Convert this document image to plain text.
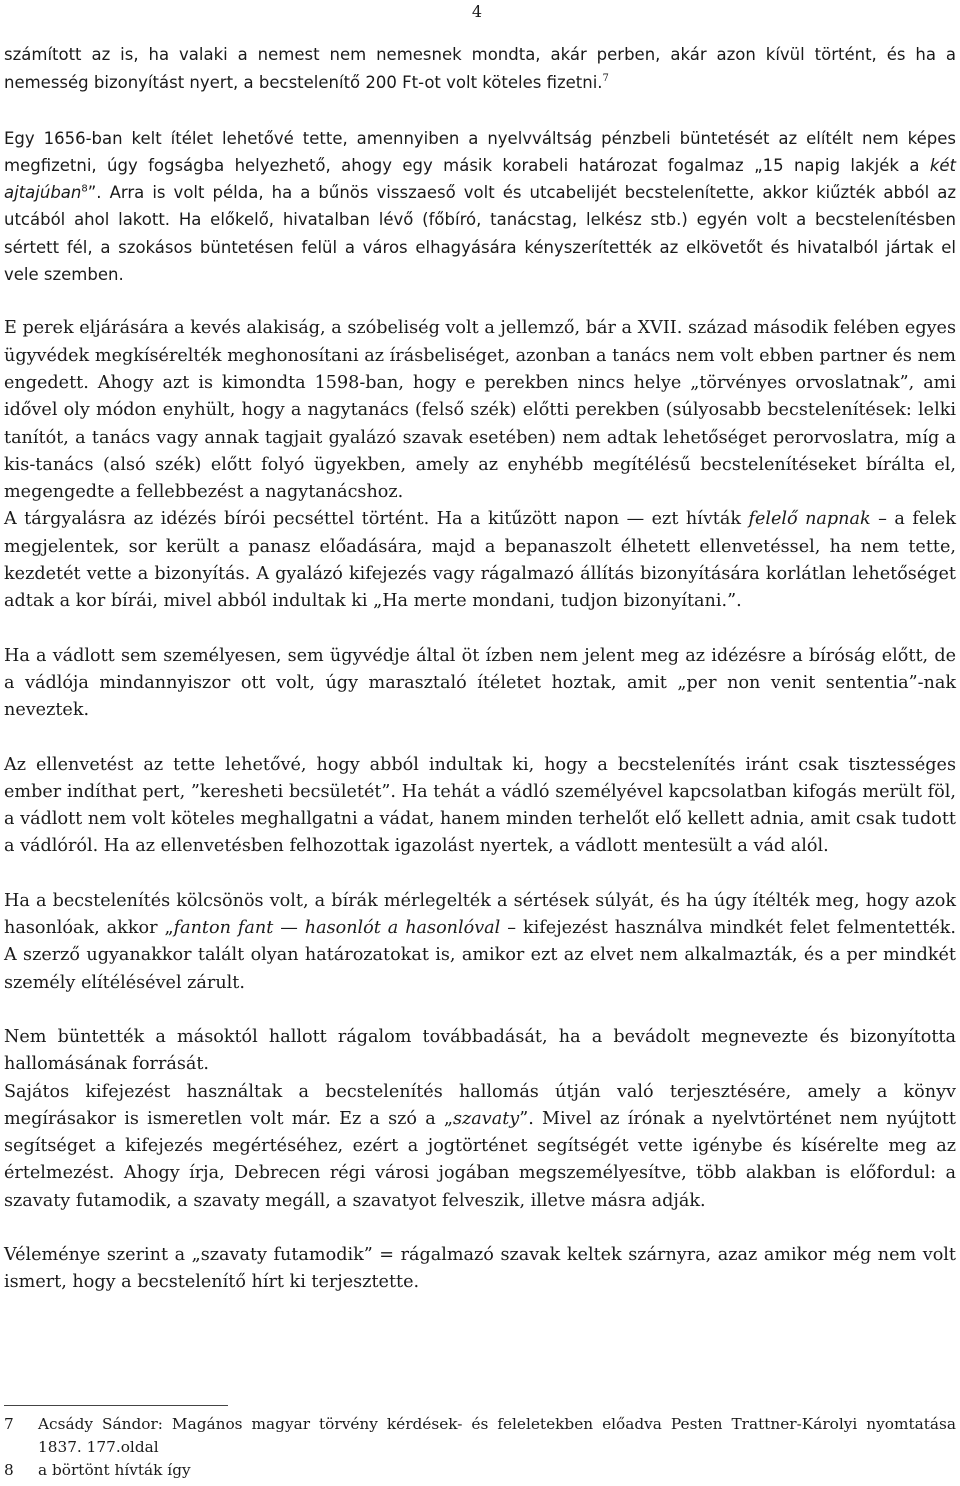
4

számított az is, ha valaki a nemest nem nemesnek mondta, akár perben, akár azon kívül történt, és ha a nemesség bizonyítást nyert, a becstelenítő 200 Ft-ot volt köteles fizetni.$^7$

Egy 1656-ban kelt ítélet lehetővé tette, amennyiben a nyelvváltság pénzbeli büntetését az elítélt nem képes megfizetni, úgy fogságba helyezhető, ahogy egy másik korabeli határozat fogalmaz „15 napig lakjék a két ajtajúban$^8$”. Arra is volt példa, ha a bűnös visszaeső volt és utcabelijét becstelenítette, akkor kiűzték abból az utcából ahol lakott. Ha előkelő, hivatalban lévő (főbíró, tanácstag, lelkész stb.) egyén volt a becstelenítésben sértett fél, a szokásos büntetésen felül a város elhagyására kényszerítették az elkövetőt és hivatalból jártak el vele szemben.

E perek eljárására a kevés alakiság, a szóbeliség volt a jellemző, bár a XVII. század második felében egyes ügyvédek megkísérelték meghonosítani az írásbeliséget, azonban a tanács nem volt ebben partner és nem engedett. Ahogy azt is kimondta 1598-ban, hogy e perekben nincs helye „törvényes orvoslatnak”, ami idővel oly módon enyhült, hogy a nagytanács (felső szék) előtti perekben (súlyosabb becstelenítések: lelki tanítót, a tanács vagy annak tagjait gyalázó szavak esetében) nem adtak lehetőséget perorvoslatra, míg a kis-tanács (alsó szék) előtt folyó ügyekben, amely az enyhébb megítélésű becstelenítéseket bírálta el, megengedte a fellebbezést a nagytanácshoz.

A tárgyalásra az idézés bírói pecséttel történt. Ha a kitűzött napon — ezt hívták felelő napnak – a felek megjelentek, sor került a panasz előadására, majd a bepanaszolt élhetett ellenvetéssel, ha nem tette, kezdetét vette a bizonyítás. A gyalázó kifejezés vagy rágalmazó állítás bizonyítására korlátlan lehetőséget adtak a kor bírái, mivel abból indultak ki „Ha merte mondani, tudjon bizonyítani.”.

Ha a vádlott sem személyesen, sem ügyvédje által öt ízben nem jelent meg az idézésre a bíróság előtt, de a vádlója mindannyiszor ott volt, úgy marasztaló ítéletet hoztak, amit „per non venit sententia”-nak neveztek.

Az ellenvetést az tette lehetővé, hogy abból indultak ki, hogy a becstelenítés iránt csak tisztességes ember indíthat pert, ”keresheti becsületét”. Ha tehát a vádló személyével kapcsolatban kifogás merült föl, a vádlott nem volt köteles meghallgatni a vádat, hanem minden terhelőt elő kellett adnia, amit csak tudott a vádlóról. Ha az ellenvetésben felhozottak igazolást nyertek, a vádlott mentesült a vád alól.

Ha a becstelenítés kölcsönös volt, a bírák mérlegelték a sértések súlyát, és ha úgy ítélték meg, hogy azok hasonlóak, akkor „fanton fant — hasonlót a hasonlóval – kifejezést használva mindkét felet felmentették. A szerző ugyanakkor talált olyan határozatokat is, amikor ezt az elvet nem alkalmazták, és a per mindkét személy elítélésével zárult.

Nem büntették a másoktól hallott rágalom továbbadását, ha a bevádolt megnevezte és bizonyította hallomásának forrását.

Sajátos kifejezést használtak a becstelenítés hallomás útján való terjesztésére, amely a könyv megírásakor is ismeretlen volt már. Ez a szó a „szavaty”. Mivel az írónak a nyelvtörténet nem nyújtott segítséget a kifejezés megértéséhez, ezért a jogtörténet segítségét vette igénybe és kísérelte meg az értelmezést. Ahogy írja, Debrecen régi városi jogában megszemélyesítve, több alakban is előfordul: a szavaty futamodik, a szavaty megáll, a szavatyot felveszik, illetve másra adják.

Véleménye szerint a „szavaty futamodik” = rágalmazó szavak keltek szárnyra, azaz amikor még nem volt ismert, hogy a becstelenítő hírt ki terjesztette.

7	Acsády Sándor: Magános magyar törvény kérdések- és feleletekben előadva Pesten Trattner-Károlyi nyomtatása 1837. 177.oldal
8	a börtönt hívták így
